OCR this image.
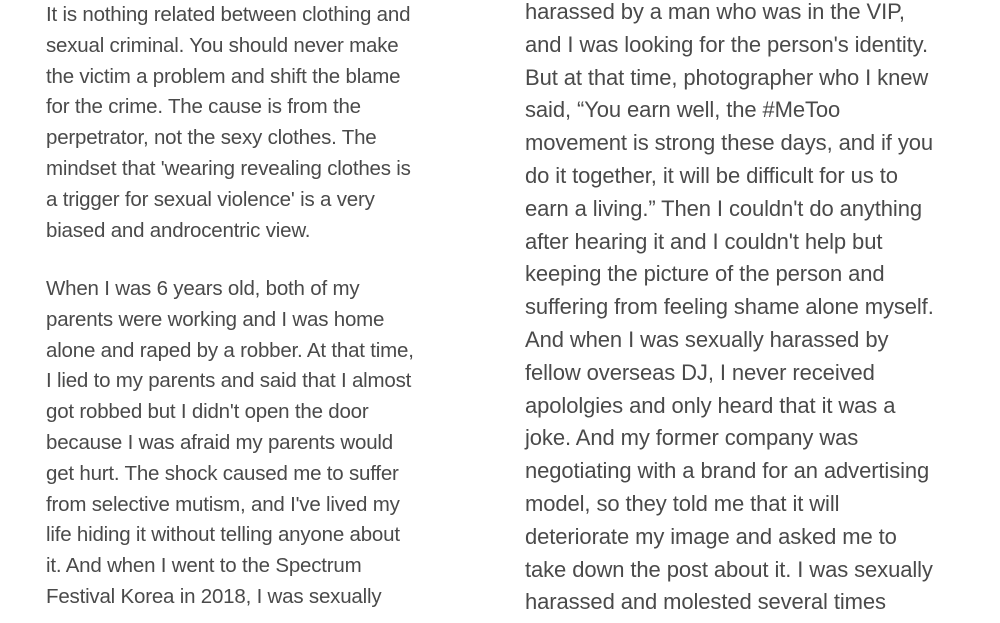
It is nothing related between clothing and
sexual criminal. You should never make
the victim a problem and shift the blame
for the crime. The cause is from the
perpetrator, not the sexy clothes. The
mindset that 'wearing revealing clothes is
a trigger for sexual violence' is a very
biased and androcentric view.
When I was 6 years old, both of my
parents were working and I was home
alone and raped by a robber. At that time,
I lied to my parents and said that I almost
got robbed but I didn't open the door
because I was afraid my parents would
get hurt. The shock caused me to suffer
from selective mutism, and I've lived my
life hiding it without telling anyone about
it. And when I went to the Spectrum
Festival Korea in 2018, I was sexually
harassed by a man who was in the VIP,
and I was looking for the person's identity.
But at that time, photographer who I knew
said, “You earn well, the #MeToo
movement is strong these days, and if you
do it together, it will be difficult for us to
earn a living.” Then I couldn't do anything
after hearing it and I couldn't help but
keeping the picture of the person and
suffering from feeling shame alone myself.
And when I was sexually harassed by
fellow overseas DJ, I never received
apololgies and only heard that it was a
joke. And my former company was
negotiating with a brand for an advertising
model, so they told me that it will
deteriorate my image and asked me to
take down the post about it. I was sexually
harassed and molested several times
